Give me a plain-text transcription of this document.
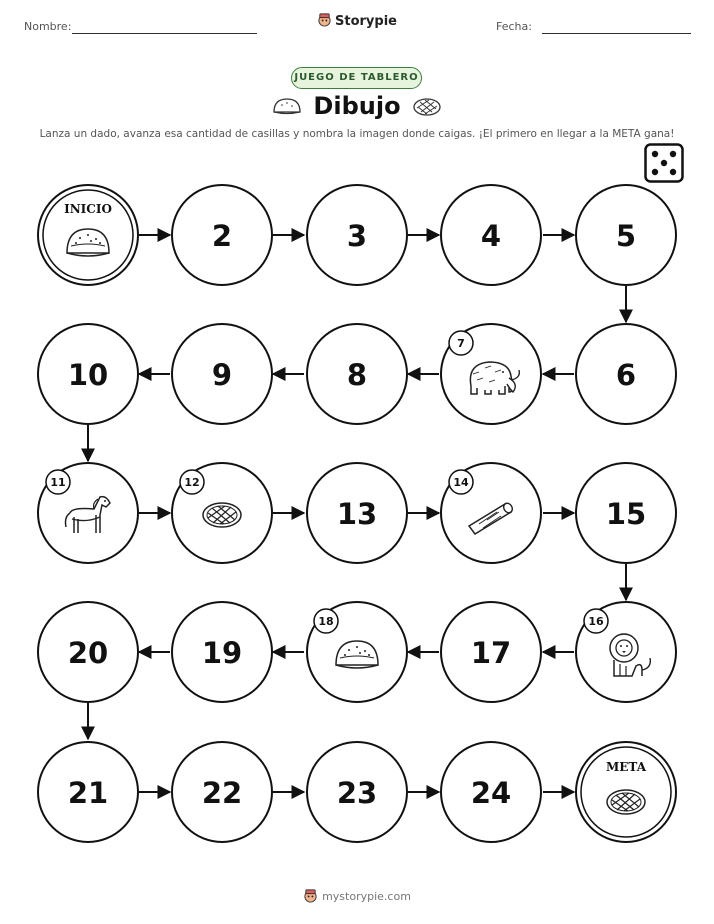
Nombre:	Storypie	Fecha:
JUEGO DE TABLERO
Dibujo
Lanza un dado, avanza esa cantidad de casillas y nombra la imagen donde caigas. ¡El primero en llegar a la META gana!
INICIO
2	3	4	5
6
7
8
9
10
11	12
13
14
15
16
17
18
19
20
21	22	23	24
META
mystorypie.com
